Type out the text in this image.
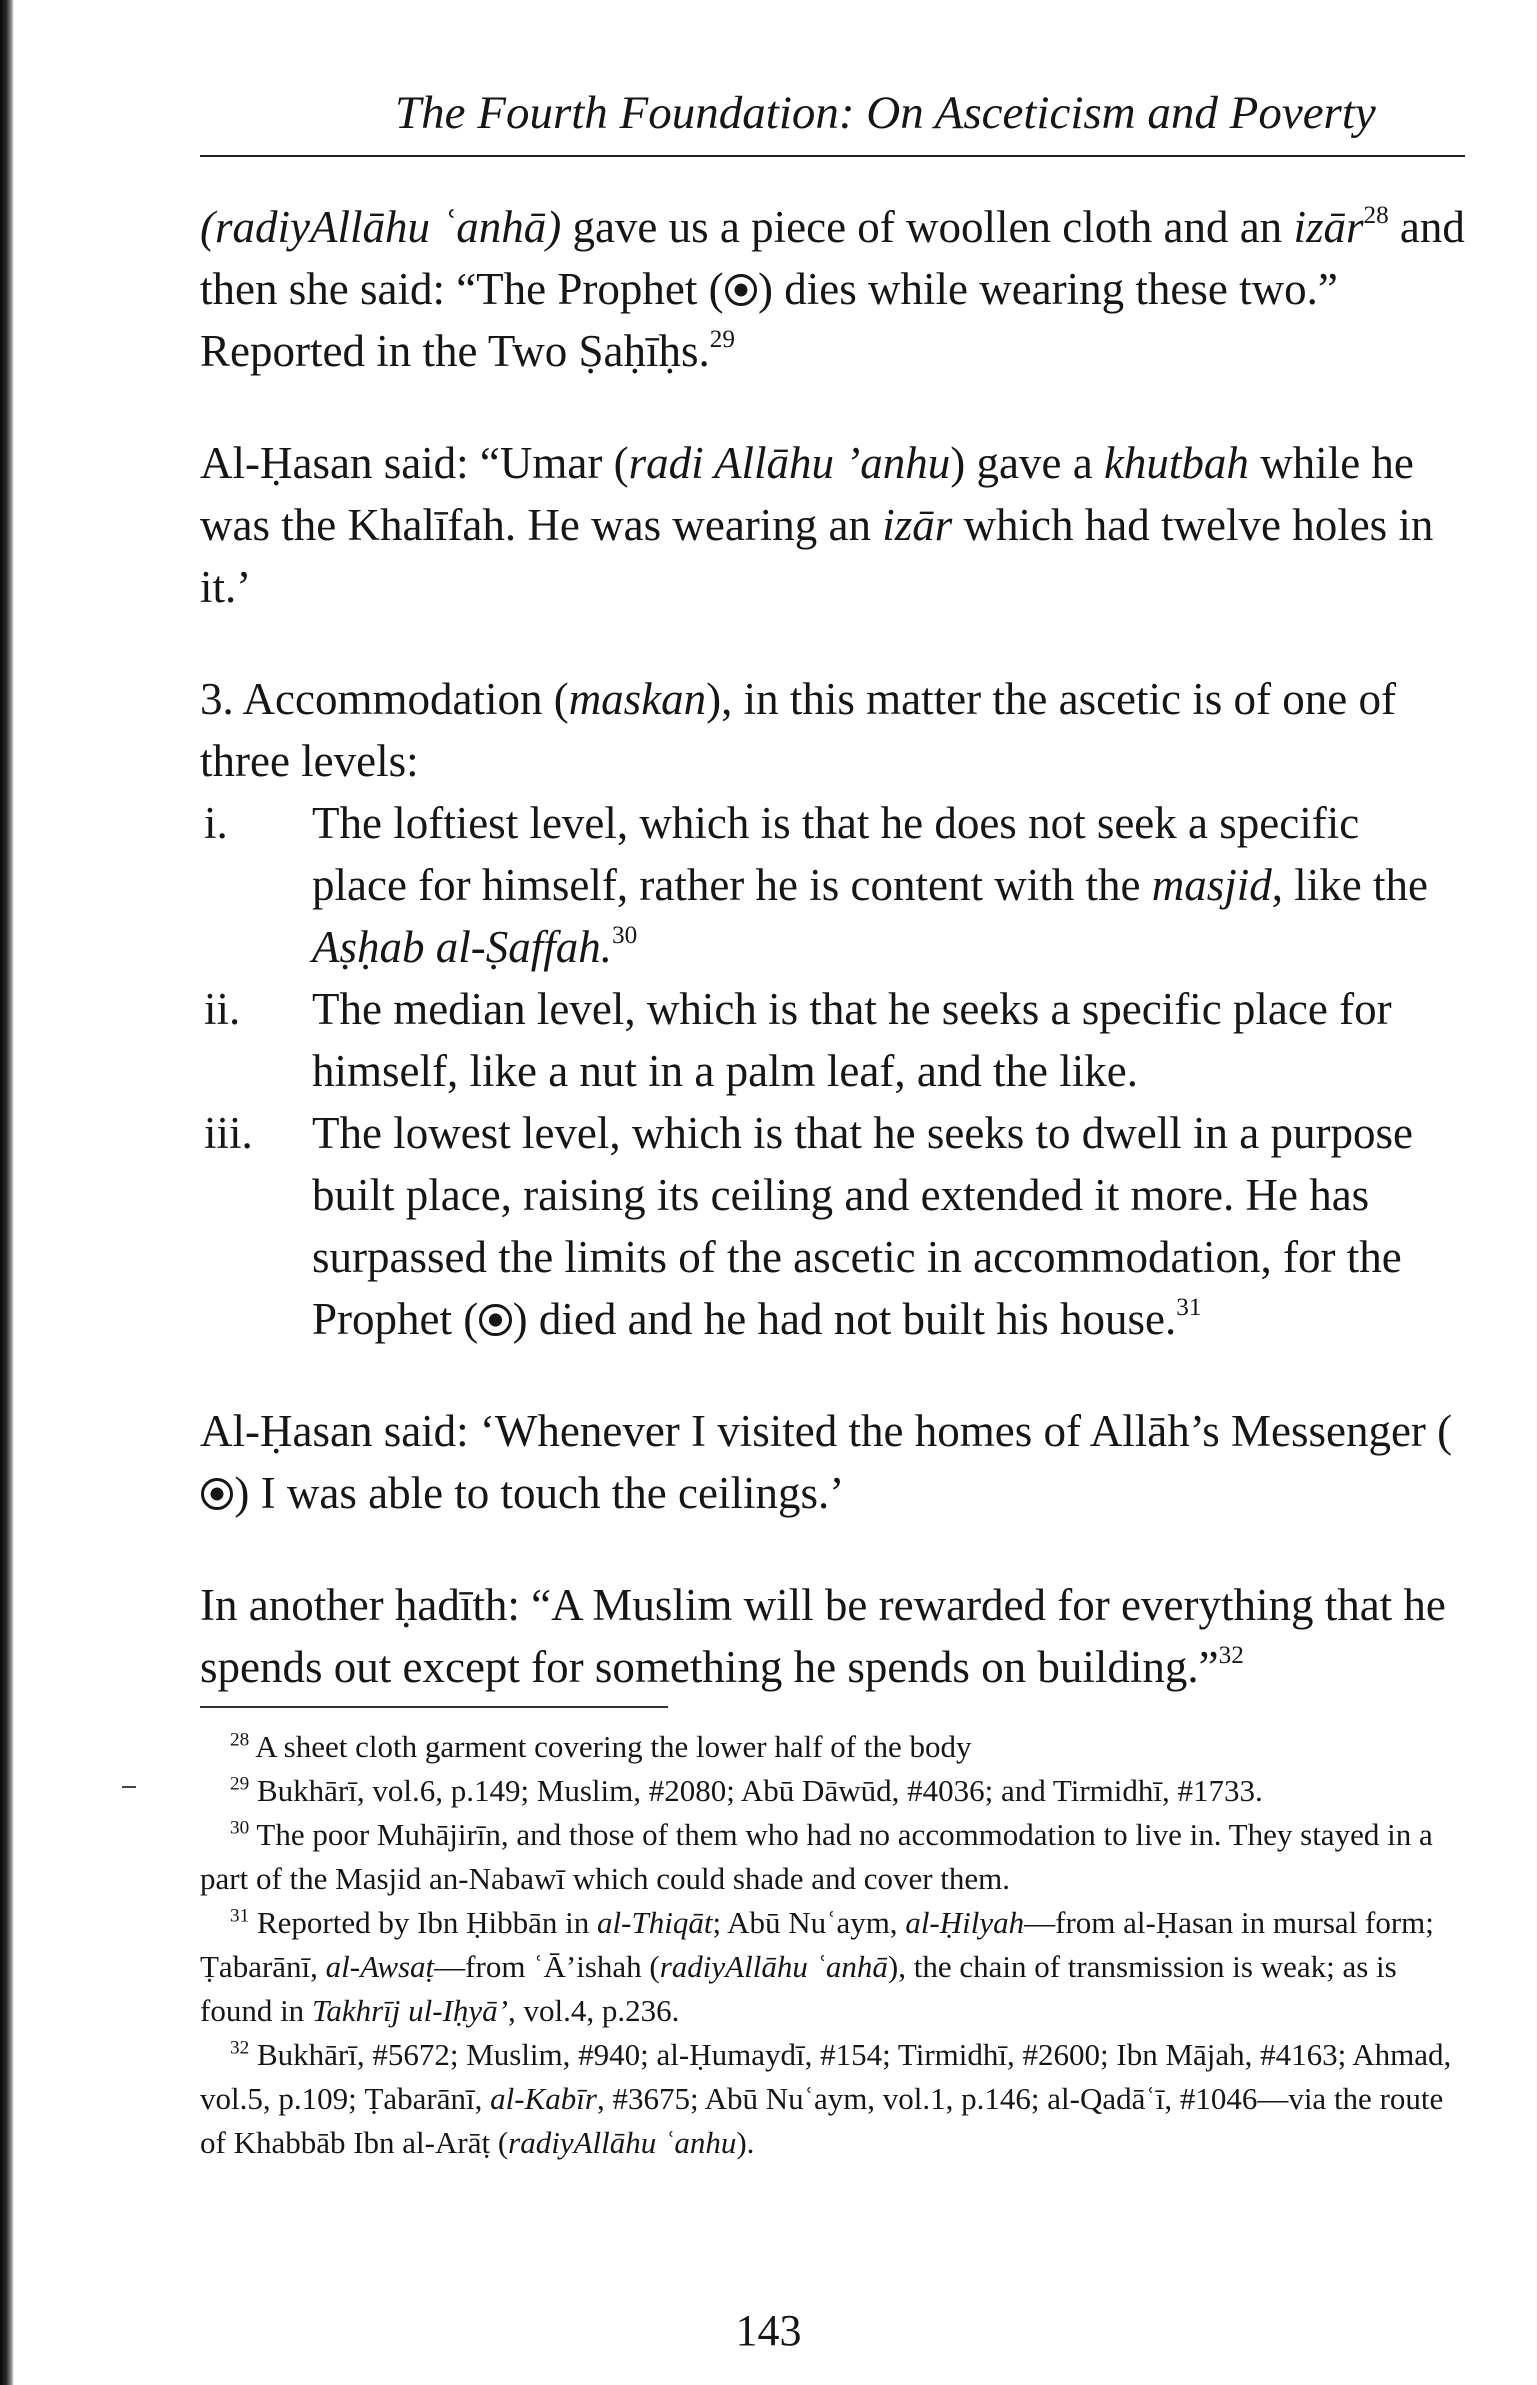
The Fourth Foundation: On Asceticism and Poverty

(radiyAllāhu ʿanhā) gave us a piece of woollen cloth and an izār$^{28}$ and then she said: “The Prophet ( ) dies while wearing these two.” Reported in the Two Ṣaḥīḥs.$^{29}$

Al-Ḥasan said: “Umar (radi Allāhu ’anhu) gave a khutbah while he was the Khalīfah. He was wearing an izār which had twelve holes in it.’

3. Accommodation (maskan), in this matter the ascetic is of one of three levels:

i.	The loftiest level, which is that he does not seek a specific place for himself, rather he is content with the masjid, like the Aṣḥab al-Ṣaffah.$^{30}$
ii.	The median level, which is that he seeks a specific place for himself, like a nut in a palm leaf, and the like.
iii.	The lowest level, which is that he seeks to dwell in a purpose built place, raising its ceiling and extended it more. He has surpassed the limits of the ascetic in accommodation, for the Prophet ( ) died and he had not built his house.$^{31}$

Al-Ḥasan said: ‘Whenever I visited the homes of Allāh’s Messenger () I was able to touch the ceilings.’

In another ḥadīth: “A Muslim will be rewarded for everything that he spends out except for something he spends on building.”$^{32}$

$^{28}$ A sheet cloth garment covering the lower half of the body

$^{29}$ Bukhārī, vol.6, p.149; Muslim, #2080; Abū Dāwūd, #4036; and Tirmidhī, #1733.

$^{30}$ The poor Muhājirīn, and those of them who had no accommodation to live in. They stayed in a part of the Masjid an-Nabawī which could shade and cover them.

$^{31}$ Reported by Ibn Ḥibbān in al-Thiqāt; Abū Nuʿaym, al-Ḥilyah—from al-Ḥasan in mursal form; Ṭabarānī, al-Awsaṭ—from ʿĀ’ishah (radiyAllāhu ʿanhā), the chain of transmission is weak; as is found in Takhrīj ul-Iḥyā’, vol.4, p.236.

$^{32}$ Bukhārī, #5672; Muslim, #940; al-Ḥumaydī, #154; Tirmidhī, #2600; Ibn Mājah, #4163; Ahmad, vol.5, p.109; Ṭabarānī, al-Kabīr, #3675; Abū Nuʿaym, vol.1, p.146; al-Qadāʿī, #1046—via the route of Khabbāb Ibn al-Arāṭ (radiyAllāhu ʿanhu).

143
